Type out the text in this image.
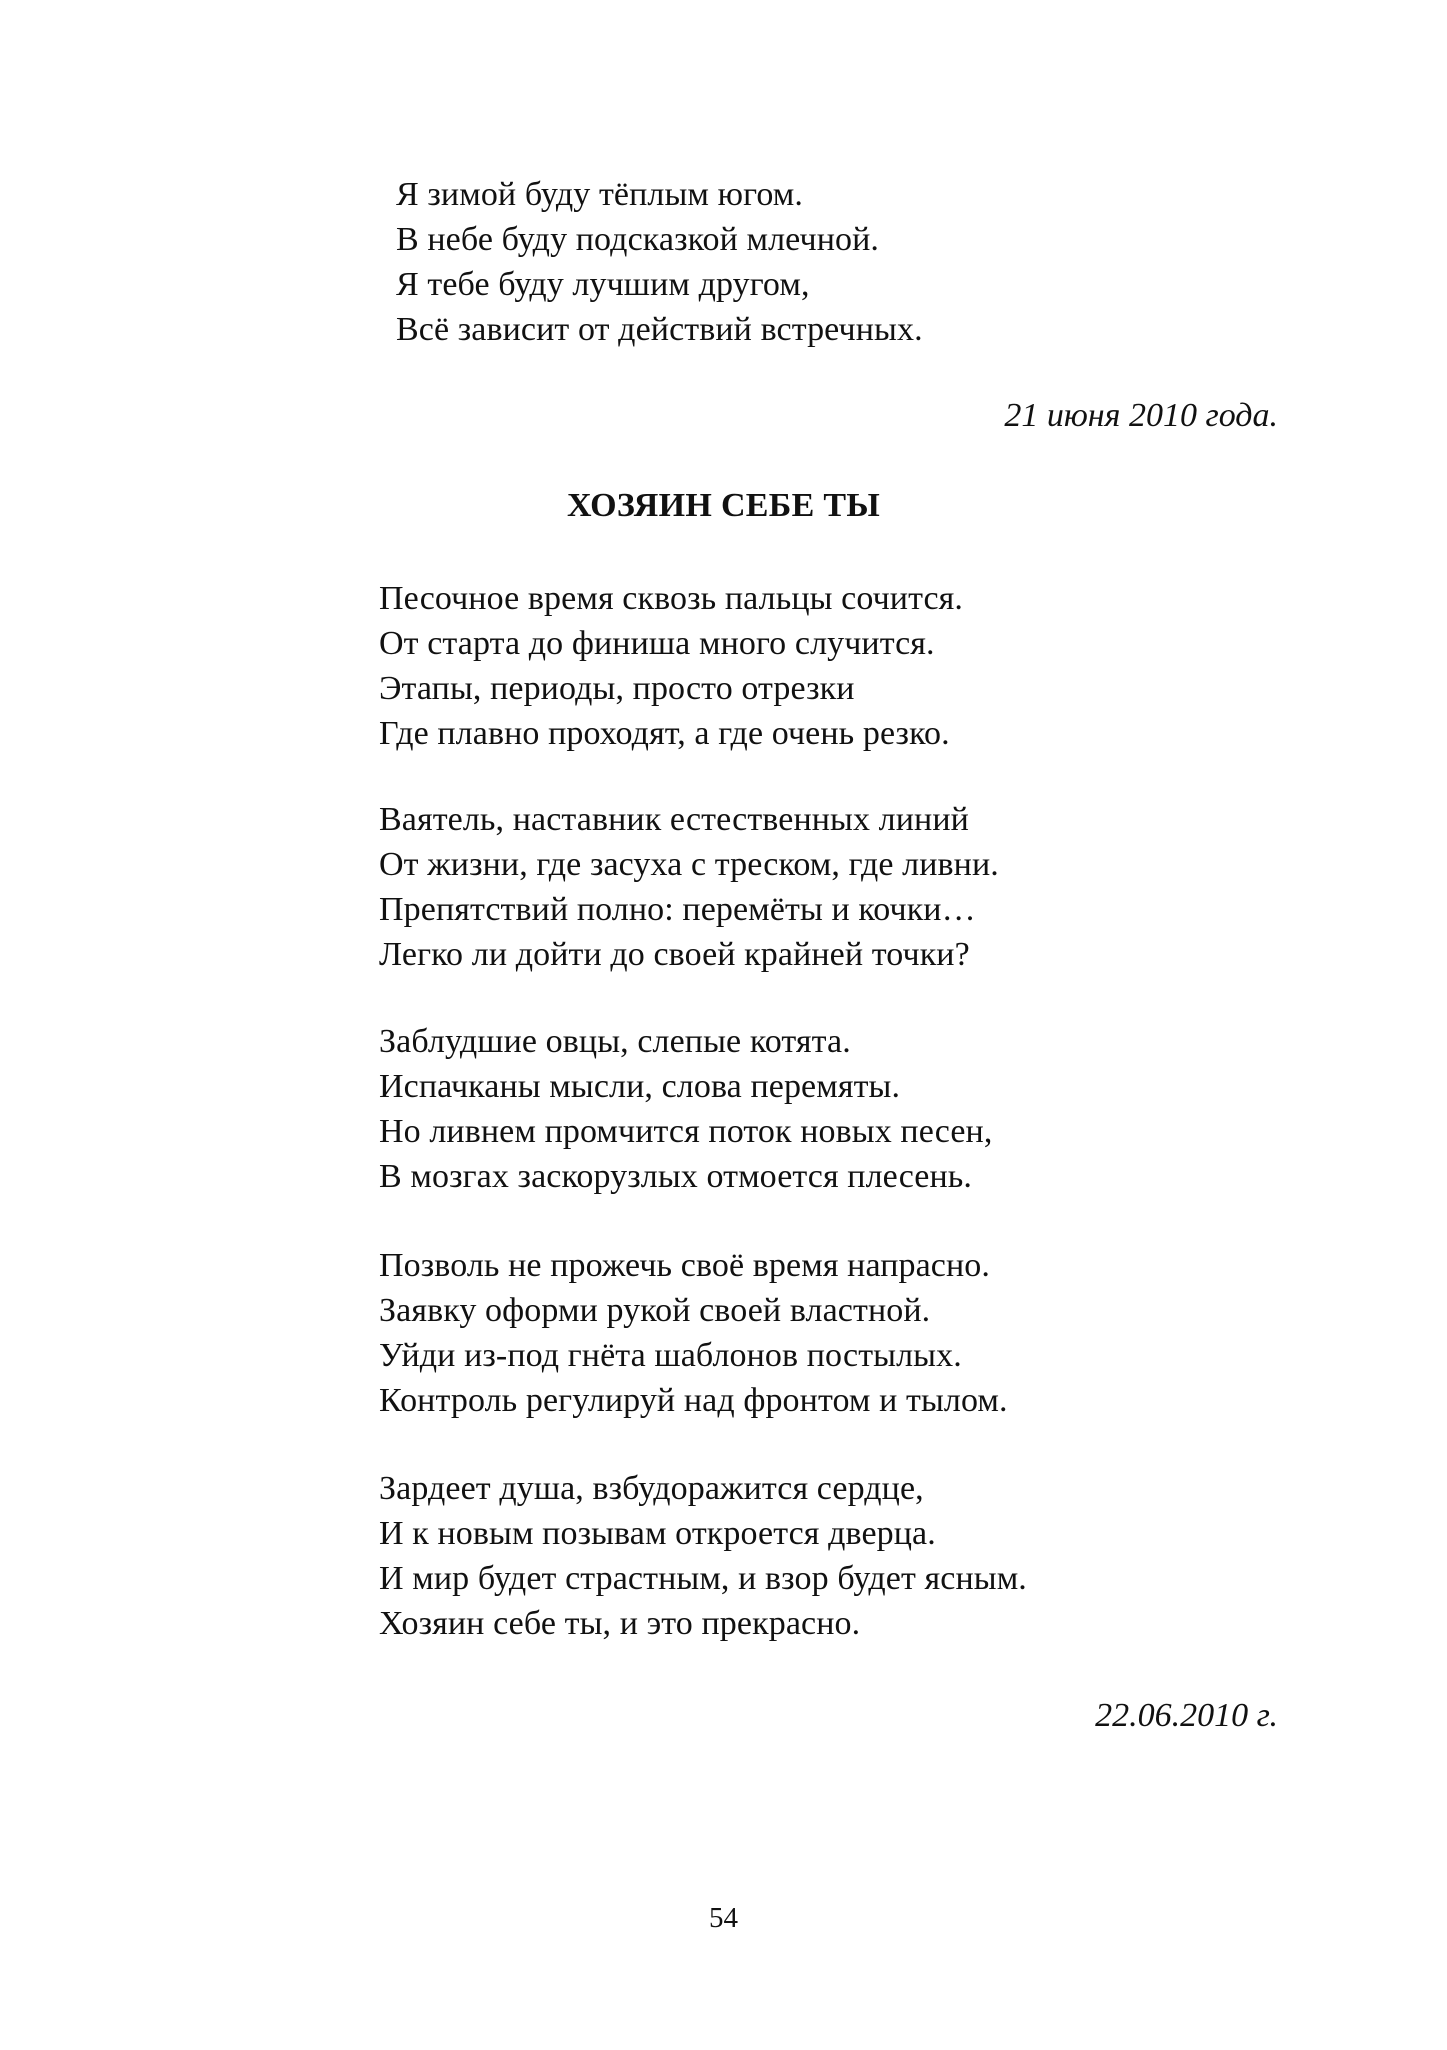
Я зимой буду тёплым югом.
В небе буду подсказкой млечной.
Я тебе буду лучшим другом,
Всё зависит от действий встречных.
21 июня 2010 года.
ХОЗЯИН СЕБЕ ТЫ
Песочное время сквозь пальцы сочится.
От старта до финиша много случится.
Этапы, периоды, просто отрезки
Где плавно проходят, а где очень резко.
Ваятель, наставник естественных линий
От жизни, где засуха с треском, где ливни.
Препятствий полно: перемёты и кочки…
Легко ли дойти до своей крайней точки?
Заблудшие овцы, слепые котята.
Испачканы мысли, слова перемяты.
Но ливнем промчится поток новых песен,
В мозгах заскорузлых отмоется плесень.
Позволь не прожечь своё время напрасно.
Заявку оформи рукой своей властной.
Уйди из-под гнёта шаблонов постылых.
Контроль регулируй над фронтом и тылом.
Зардеет душа, взбудоражится сердце,
И к новым позывам откроется дверца.
И мир будет страстным, и взор будет ясным.
Хозяин себе ты, и это прекрасно.
22.06.2010 г.
54
